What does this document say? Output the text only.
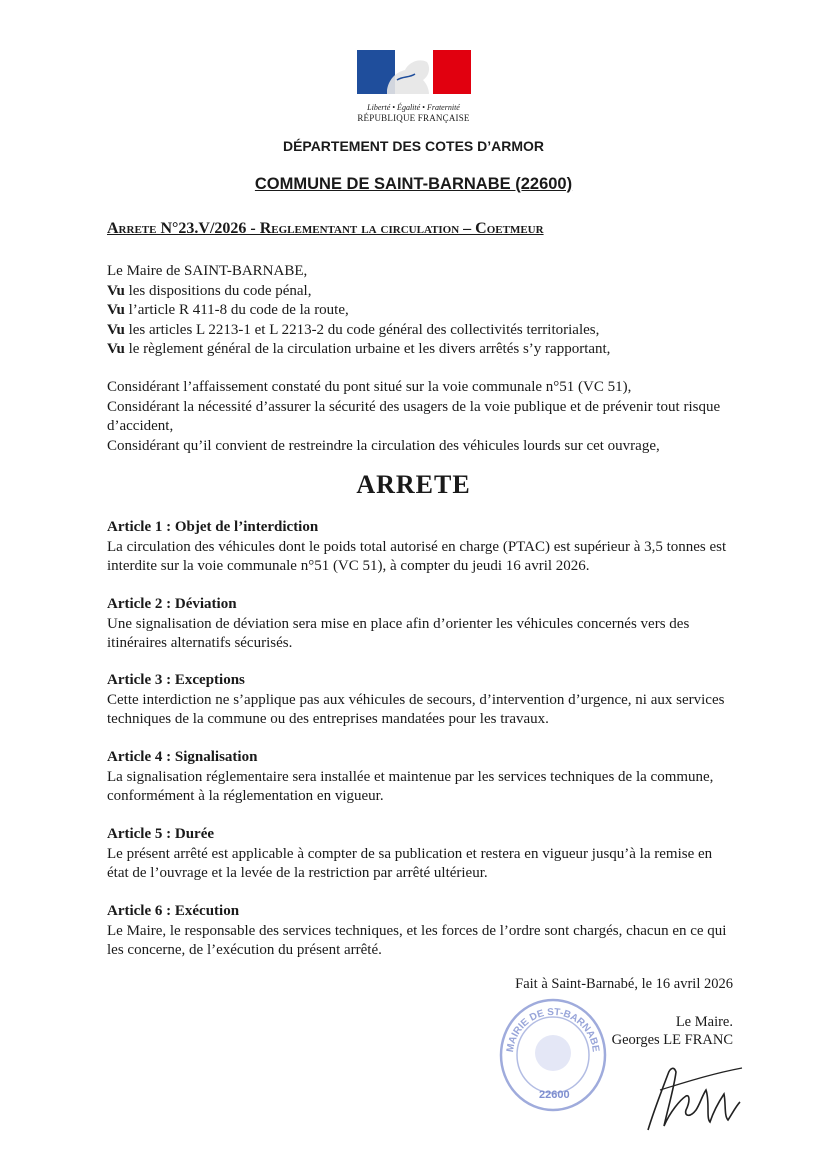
Liberté • Égalité • Fraternité
RÉPUBLIQUE FRANÇAISE
DÉPARTEMENT DES COTES D’ARMOR
COMMUNE DE SAINT-BARNABE (22600)
Arrete N°23.V/2026 - Reglementant la circulation – Coetmeur

Le Maire de SAINT-BARNABE,

Vu les dispositions du code pénal,

Vu l’article R 411-8 du code de la route,

Vu les articles L 2213-1 et L 2213-2 du code général des collectivités territoriales,

Vu le règlement général de la circulation urbaine et les divers arrêtés s’y rapportant,

Considérant l’affaissement constaté du pont situé sur la voie communale n°51 (VC 51),

Considérant la nécessité d’assurer la sécurité des usagers de la voie publique et de prévenir tout risque d’accident,

Considérant qu’il convient de restreindre la circulation des véhicules lourds sur cet ouvrage,

ARRETE

Article 1 : Objet de l’interdiction

La circulation des véhicules dont le poids total autorisé en charge (PTAC) est supérieur à 3,5 tonnes est interdite sur la voie communale n°51 (VC 51), à compter du jeudi 16 avril 2026.

Article 2 : Déviation

Une signalisation de déviation sera mise en place afin d’orienter les véhicules concernés vers des itinéraires alternatifs sécurisés.

Article 3 : Exceptions

Cette interdiction ne s’applique pas aux véhicules de secours, d’intervention d’urgence, ni aux services techniques de la commune ou des entreprises mandatées pour les travaux.

Article 4 : Signalisation

La signalisation réglementaire sera installée et maintenue par les services techniques de la commune, conformément à la réglementation en vigueur.

Article 5 : Durée

Le présent arrêté est applicable à compter de sa publication et restera en vigueur jusqu’à la remise en état de l’ouvrage et la levée de la restriction par arrêté ultérieur.

Article 6 : Exécution

Le Maire, le responsable des services techniques, et les forces de l’ordre sont chargés, chacun en ce qui les concerne, de l’exécution du présent arrêté.

Fait à Saint-Barnabé, le 16 avril 2026
MAIRIE DE ST-BARNABE
22600
Le Maire.
Georges LE FRANC
